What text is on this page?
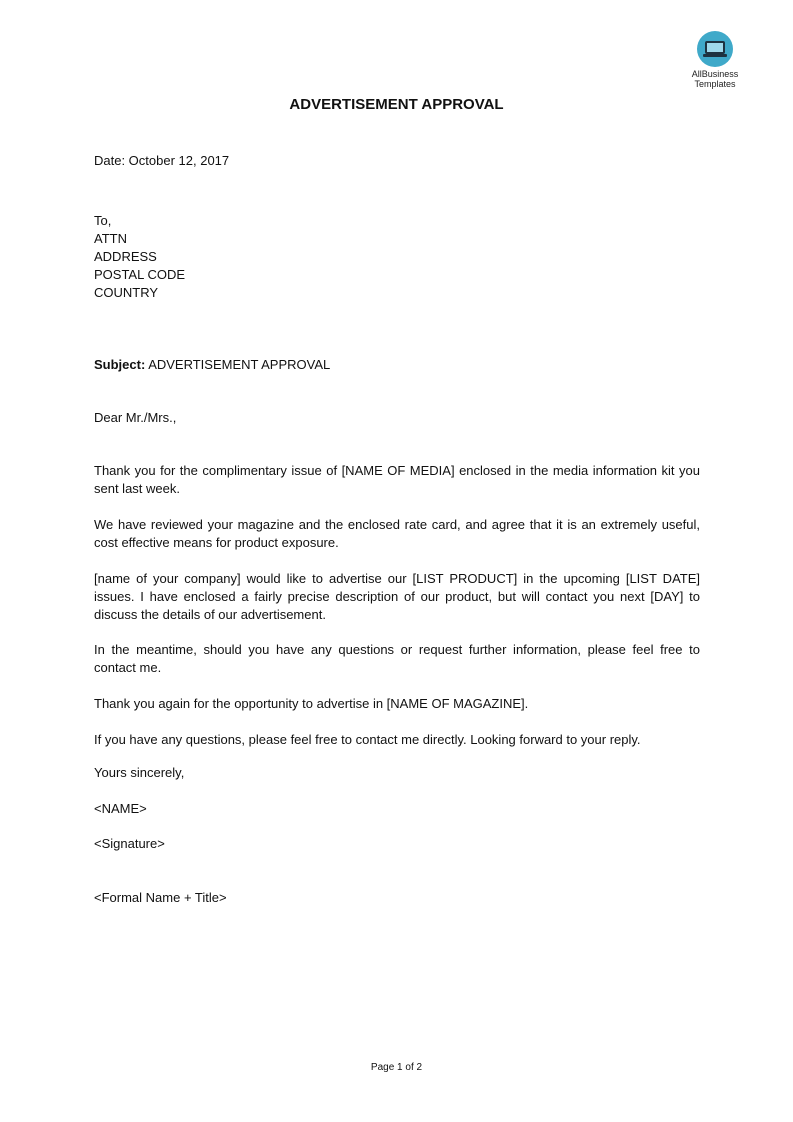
AllBusiness
Templates
ADVERTISEMENT APPROVAL
Date: October 12, 2017
To,
ATTN
ADDRESS
POSTAL CODE
COUNTRY
Subject: ADVERTISEMENT APPROVAL
Dear Mr./Mrs.,
Thank you for the complimentary issue of [NAME OF MEDIA] enclosed in the media information kit you sent last week.
We have reviewed your magazine and the enclosed rate card, and agree that it is an extremely useful, cost effective means for product exposure.
[name of your company] would like to advertise our [LIST PRODUCT] in the upcoming [LIST DATE] issues. I have enclosed a fairly precise description of our product, but will contact you next [DAY] to discuss the details of our advertisement.
In the meantime, should you have any questions or request further information, please feel free to contact me.
Thank you again for the opportunity to advertise in [NAME OF MAGAZINE].
If you have any questions, please feel free to contact me directly. Looking forward to your reply.
Yours sincerely,
<NAME>
<Signature>
<Formal Name + Title>
Page 1 of 2
